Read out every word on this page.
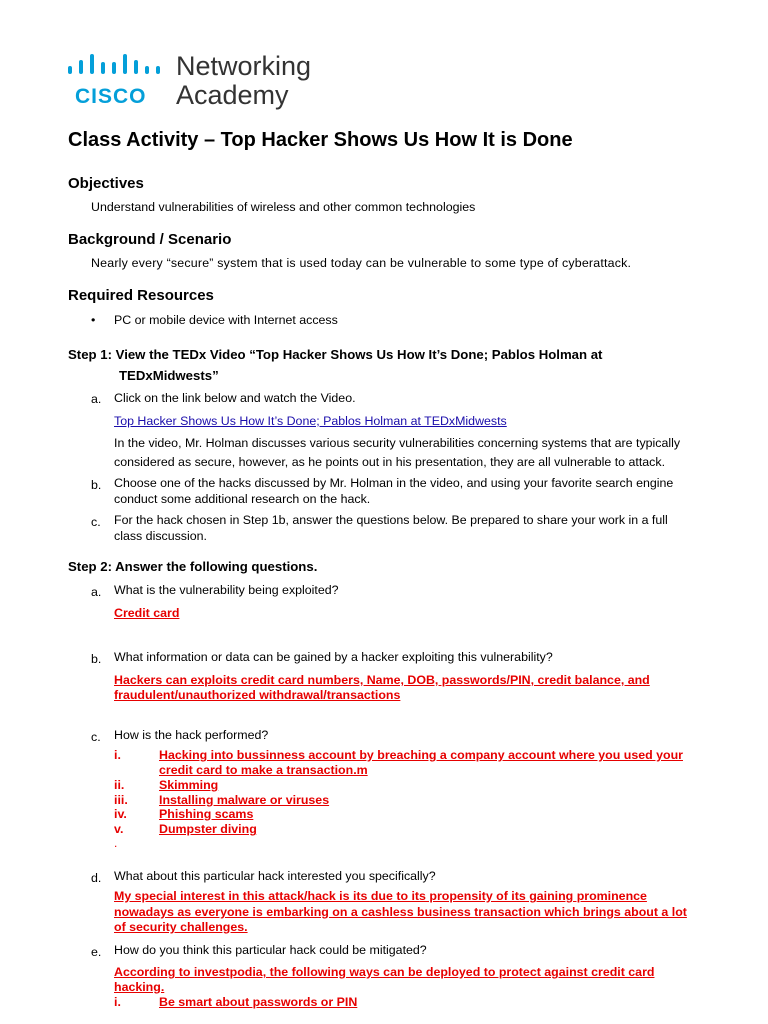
CISCO
Networking
Academy
Class Activity – Top Hacker Shows Us How It is Done
Objectives
Understand vulnerabilities of wireless and other common technologies
Background / Scenario
Nearly every “secure” system that is used today can be vulnerable to some type of cyberattack.
Required Resources
• PC or mobile device with Internet access
Step 1: View the TEDx Video “Top Hacker Shows Us How It’s Done; Pablos Holman at
TEDxMidwests”
a. Click on the link below and watch the Video.
Top Hacker Shows Us How It’s Done; Pablos Holman at TEDxMidwests
In the video, Mr. Holman discusses various security vulnerabilities concerning systems that are typically
considered as secure, however, as he points out in his presentation, they are all vulnerable to attack.
b. Choose one of the hacks discussed by Mr. Holman in the video, and using your favorite search engine
conduct some additional research on the hack.
c. For the hack chosen in Step 1b, answer the questions below. Be prepared to share your work in a full
class discussion.
Step 2: Answer the following questions.
a. What is the vulnerability being exploited?
Credit card
b. What information or data can be gained by a hacker exploiting this vulnerability?
Hackers can exploits credit card numbers, Name, DOB, passwords/PIN, credit balance, and
fraudulent/unauthorized withdrawal/transactions
c. How is the hack performed?
i.	Hacking into bussinness account by breaching a company account where you used your
credit card to make a transaction.m
ii.	Skimming
iii.	Installing malware or viruses
iv.	Phishing scams
v.	Dumpster diving
.
d. What about this particular hack interested you specifically?
My special interest in this attack/hack is its due to its propensity of its gaining prominence
nowadays as everyone is embarking on a cashless business transaction which brings about a lot
of security challenges.
e. How do you think this particular hack could be mitigated?
According to investpodia, the following ways can be deployed to protect against credit card
hacking.
i.	Be smart about passwords or PIN
